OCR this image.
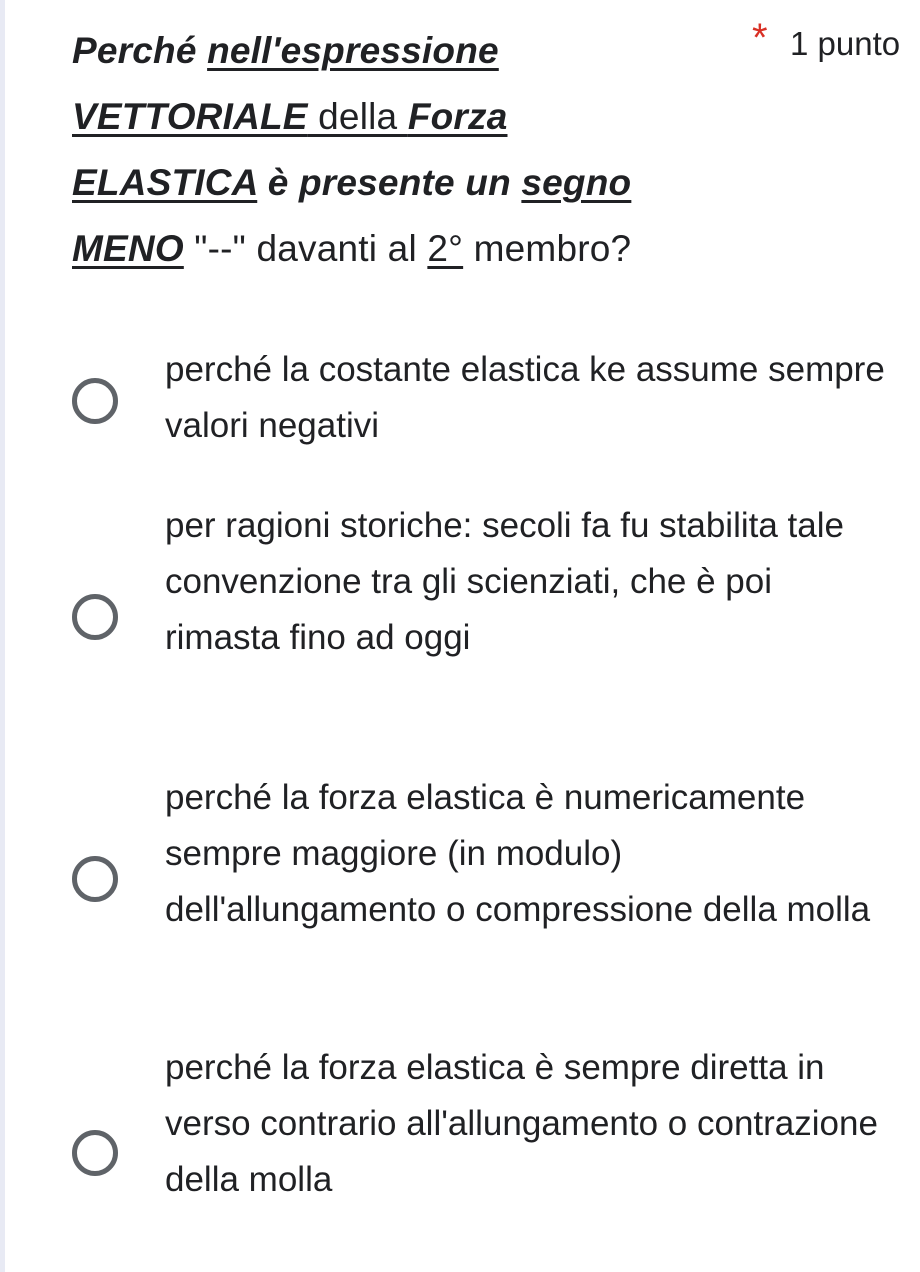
Perché nell'espressione
VETTORIALE della Forza
ELASTICA è presente un segno
MENO "--" davanti al 2° membro?
* 1 punto
perché la costante elastica ke assume sempre valori negativi
per ragioni storiche: secoli fa fu stabilita tale convenzione tra gli scienziati, che è poi rimasta fino ad oggi
perché la forza elastica è numericamente sempre maggiore (in modulo) dell'allungamento o compressione della molla
perché la forza elastica è sempre diretta in verso contrario all'allungamento o contrazione della molla
